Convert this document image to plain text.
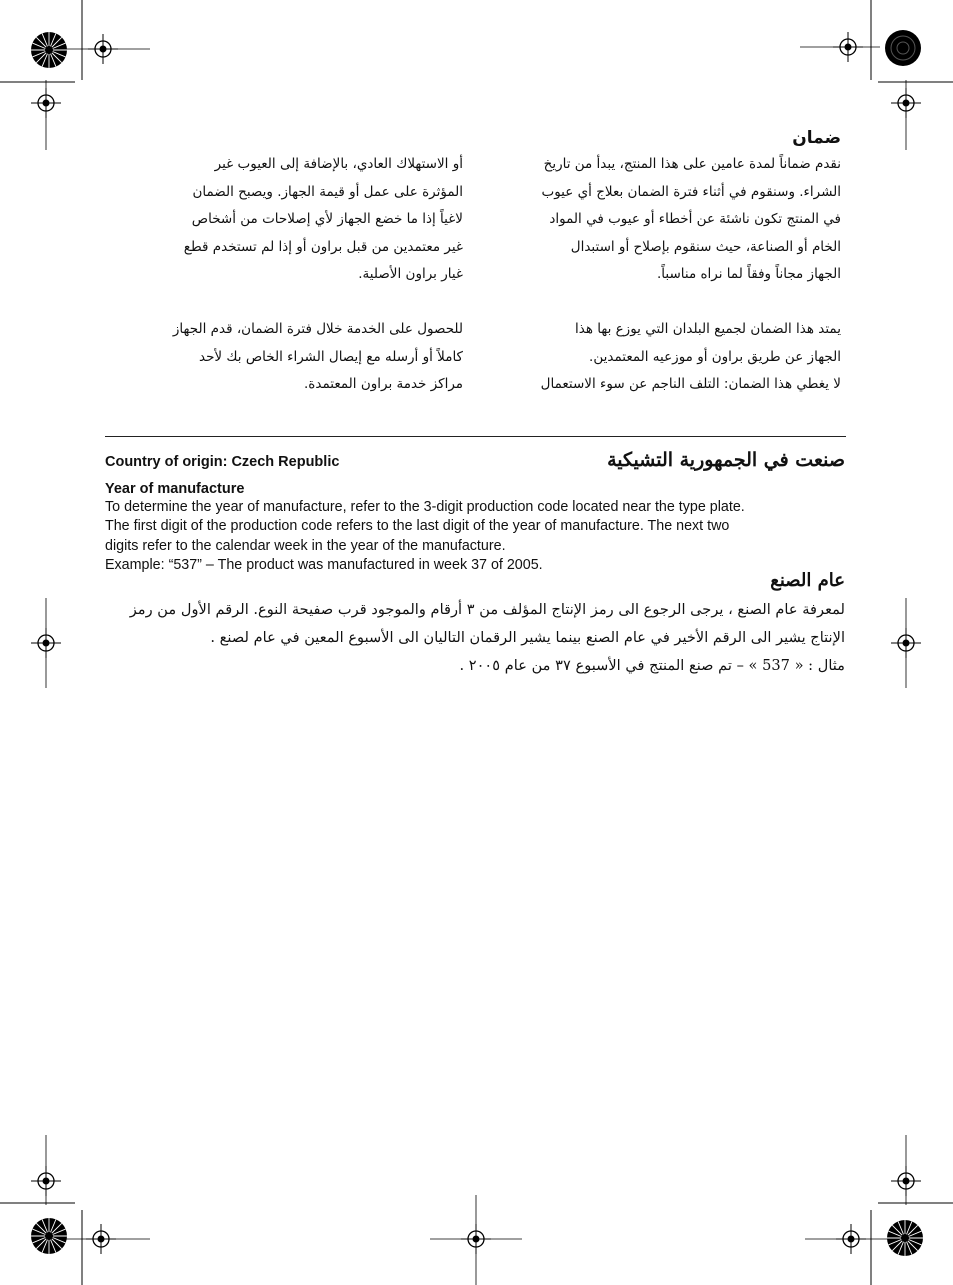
ضمان

نقدم ضماناً لمدة عامين على هذا المنتج، يبدأ من تاريخ

الشراء. وسنقوم في أثناء فترة الضمان بعلاج أي عيوب

في المنتج تكون ناشئة عن أخطاء أو عيوب في المواد

الخام أو الصناعة، حيث سنقوم بإصلاح أو استبدال

الجهاز مجاناً وفقاً لما نراه مناسباً.

يمتد هذا الضمان لجميع البلدان التي يوزع بها هذا

الجهاز عن طريق براون أو موزعيه المعتمدين.

لا يغطي هذا الضمان: التلف الناجم عن سوء الاستعمال

أو الاستهلاك العادي، بالإضافة إلى العيوب غير

المؤثرة على عمل أو قيمة الجهاز. ويصبح الضمان

لاغياً إذا ما خضع الجهاز لأي إصلاحات من أشخاص

غير معتمدين من قبل براون أو إذا لم تستخدم قطع

غيار براون الأصلية.

للحصول على الخدمة خلال فترة الضمان، قدم الجهاز

كاملاً أو أرسله مع إيصال الشراء الخاص بك لأحد

مراكز خدمة براون المعتمدة.

Country of origin: Czech Republic	صنعت في الجمهورية التشيكية
Year of manufacture

To determine the year of manufacture, refer to the 3-digit production code located near the type plate.

The first digit of the production code refers to the last digit of the year of manufacture. The next two

digits refer to the calendar week in the year of the manufacture.

Example: “537” – The product was manufactured in week 37 of 2005.

عام الصنع

لمعرفة عام الصنع ، يرجى الرجوع الى رمز الإنتاج المؤلف من ٣ أرقام والموجود قرب صفيحة النوع. الرقم الأول من رمز

الإنتاج يشير الى الرقم الأخير في عام الصنع بينما يشير الرقمان التاليان الى الأسبوع المعين في عام لصنع .

مثال : « 537 » – تم صنع المنتج في الأسبوع ٣٧ من عام ٢٠٠٥ .
